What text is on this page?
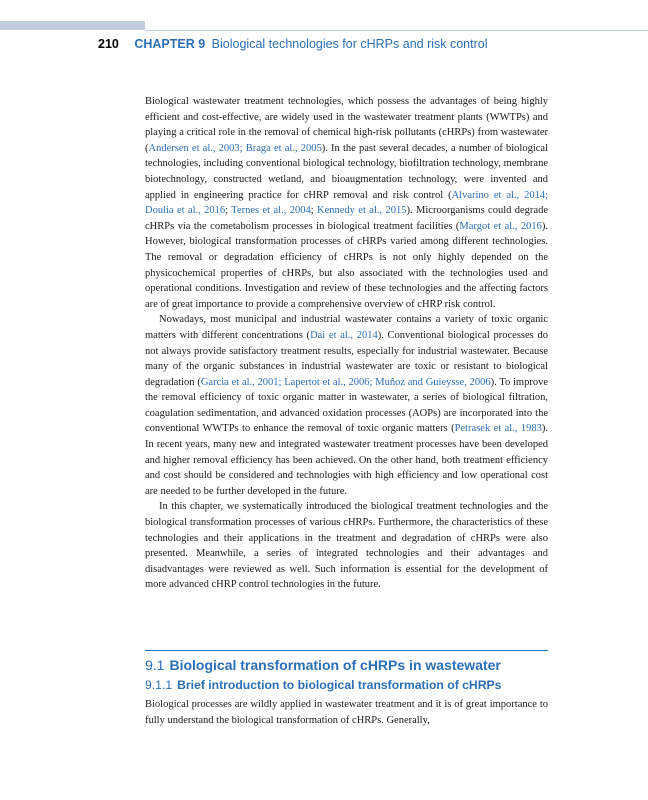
210 CHAPTER 9 Biological technologies for cHRPs and risk control

Biological wastewater treatment technologies, which possess the advantages of being highly efficient and cost-effective, are widely used in the wastewater treatment plants (WWTPs) and playing a critical role in the removal of chemical high-risk pollutants (cHRPs) from wastewater (Andersen et al., 2003; Braga et al., 2005). In the past several decades, a number of biological technologies, including conventional biological technology, biofiltration technology, membrane biotechnology, constructed wetland, and bioaugmentation technology, were invented and applied in engineering practice for cHRP removal and risk control (Alvarino et al., 2014; Doulia et al., 2016; Ternes et al., 2004; Kennedy et al., 2015). Microorganisms could degrade cHRPs via the cometabolism processes in biological treatment facilities (Margot et al., 2016). However, biological transformation processes of cHRPs varied among different technologies. The removal or degradation efficiency of cHRPs is not only highly depended on the physicochemical properties of cHRPs, but also associated with the technologies used and operational conditions. Investigation and review of these technologies and the affecting factors are of great importance to provide a comprehensive overview of cHRP risk control.

Nowadays, most municipal and industrial wastewater contains a variety of toxic organic matters with different concentrations (Dai et al., 2014). Conventional biological processes do not always provide satisfactory treatment results, especially for industrial wastewater. Because many of the organic substances in industrial wastewater are toxic or resistant to biological degradation (Garcia et al., 2001; Lapertot et al., 2006; Muñoz and Guieysse, 2006). To improve the removal efficiency of toxic organic matter in wastewater, a series of biological filtration, coagulation sedimentation, and advanced oxidation processes (AOPs) are incorporated into the conventional WWTPs to enhance the removal of toxic organic matters (Petrasek et al., 1983). In recent years, many new and integrated wastewater treatment processes have been developed and higher removal efficiency has been achieved. On the other hand, both treatment efficiency and cost should be considered and technologies with high efficiency and low operational cost are needed to be further developed in the future.

In this chapter, we systematically introduced the biological treatment technologies and the biological transformation processes of various cHRPs. Furthermore, the characteristics of these technologies and their applications in the treatment and degradation of cHRPs were also presented. Meanwhile, a series of integrated technologies and their advantages and disadvantages were reviewed as well. Such information is essential for the development of more advanced cHRP control technologies in the future.

9.1 Biological transformation of cHRPs in wastewater
9.1.1 Brief introduction to biological transformation of cHRPs

Biological processes are wildly applied in wastewater treatment and it is of great importance to fully understand the biological transformation of cHRPs. Generally,
